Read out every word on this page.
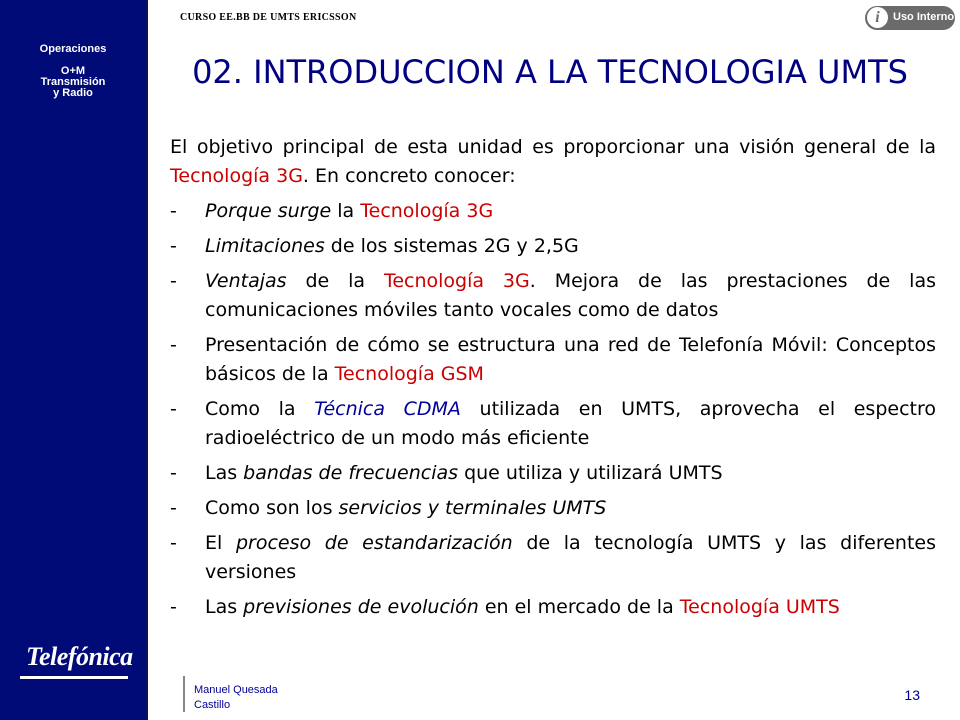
Operaciones
O+M
Transmisión
y Radio
Telefónica
CURSO EE.BB DE UMTS ERICSSON	i	Uso Interno
02. INTRODUCCION A LA TECNOLOGIA UMTS

El objetivo principal de esta unidad es proporcionar una visión general de la Tecnología 3G. En concreto conocer:

- Porque surge la Tecnología 3G
- Limitaciones de los sistemas 2G y 2,5G
- Ventajas de la Tecnología 3G. Mejora de las prestaciones de las comunicaciones móviles tanto vocales como de datos
- Presentación de cómo se estructura una red de Telefonía Móvil: Conceptos básicos de la Tecnología GSM
- Como la Técnica CDMA utilizada en UMTS, aprovecha el espectro radioeléctrico de un modo más eficiente
- Las bandas de frecuencias que utiliza y utilizará UMTS
- Como son los servicios y terminales UMTS
- El proceso de estandarización de la tecnología UMTS y las diferentes versiones
- Las previsiones de evolución en el mercado de la Tecnología UMTS
Manuel Quesada
Castillo
13
